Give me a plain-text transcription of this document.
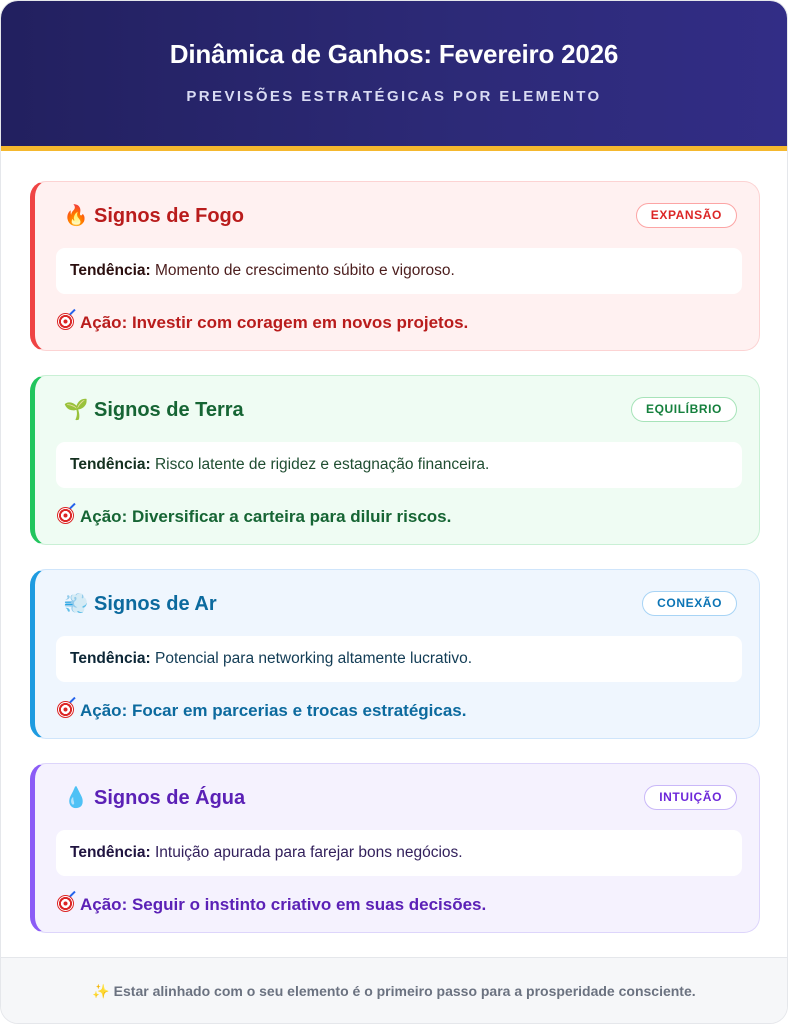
Dinâmica de Ganhos: Fevereiro 2026
PREVISÕES ESTRATÉGICAS POR ELEMENTO
🔥 Signos de Fogo	EXPANSÃO
Tendência: Momento de crescimento súbito e vigoroso.
Ação: Investir com coragem em novos projetos.
🌱 Signos de Terra	EQUILÍBRIO
Tendência: Risco latente de rigidez e estagnação financeira.
Ação: Diversificar a carteira para diluir riscos.
💨 Signos de Ar	CONEXÃO
Tendência: Potencial para networking altamente lucrativo.
Ação: Focar em parcerias e trocas estratégicas.
💧 Signos de Água	INTUIÇÃO
Tendência: Intuição apurada para farejar bons negócios.
Ação: Seguir o instinto criativo em suas decisões.
✨ Estar alinhado com o seu elemento é o primeiro passo para a prosperidade consciente.
